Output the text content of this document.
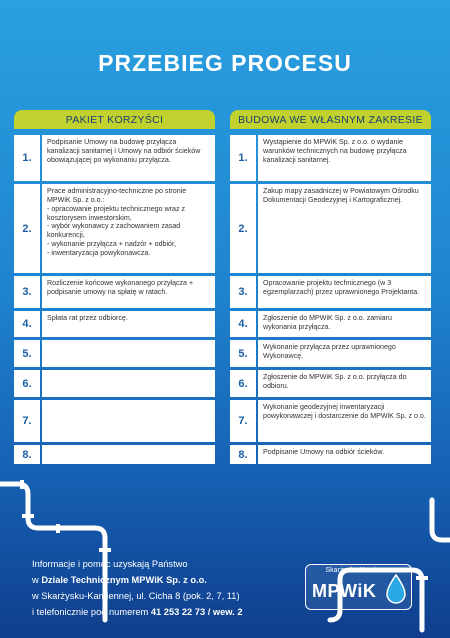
PRZEBIEG PROCESU
PAKIET KORZYŚCI
1.
Podpisanie Umowy na budowę przyłącza kanalizacji sanitarnej i Umowy na odbiór ścieków obowiązującej po wykonaniu przyłącza.
2.
Prace administracyjno-techniczne po stronie MPWiK Sp. z o.o.:
- opracowanie projektu technicznego wraz z kosztorysem inwestorskim,
- wybór wykonawcy z zachowaniem zasad konkurencji,
- wykonanie przyłącza + nadzór + odbiór,
- inwentaryzacja powykonawcza.
3.
Rozliczenie końcowe wykonanego przyłącza + podpisanie umowy na spłatę w ratach.
4.	Spłata rat przez odbiorcę.
5.
6.
7.
8.
BUDOWA WE WŁASNYM ZAKRESIE
1.
Wystąpienie do MPWiK Sp. z o.o. o wydanie warunków technicznych na budowę przyłącza kanalizacji sanitarnej.
2.
Zakup mapy zasadniczej w Powiatowym Ośrodku Dokumentacji Geodezyjnej i Kartograficznej.
3.
Opracowanie projektu technicznego (w 3 egzemplarzach) przez uprawnionego Projektanta.
4.	Zgłoszenie do MPWiK Sp. z o.o. zamiaru wykonania przyłącza.
5.
Wykonanie przyłącza przez uprawnionego Wykonawcę.
6.
Zgłoszenie do MPWiK Sp. z o.o. przyłącza do odbioru.
7.
Wykonanie geodezyjnej inwentaryzacji powykonawczej i dostarczenie do MPWiK Sp. z o.o.
8.	Podpisanie Umowy na odbiór ścieków.
Informacje i pomoc uzyskają Państwo
w Dziale Technicznym MPWiK Sp. z o.o.
w Skarżysku-Kamiennej, ul. Cicha 8 (pok. 2, 7, 11)
i telefonicznie pod numerem 41 253 22 73 / wew. 2
Skarżysko-Kamienna
MPWiK
